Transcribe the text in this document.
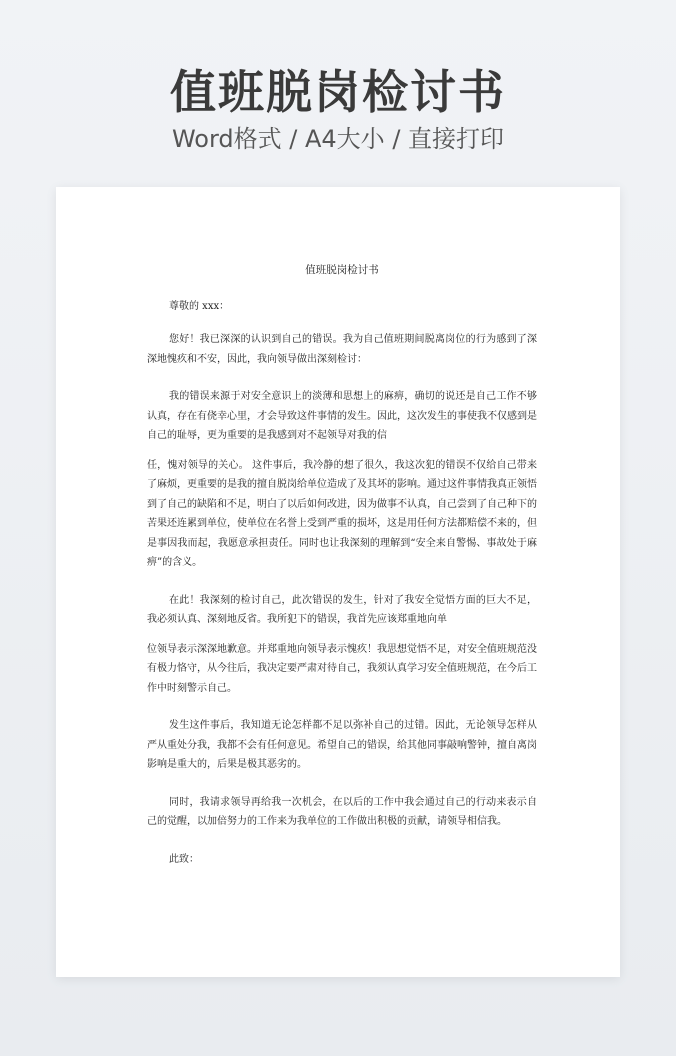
值班脱岗检讨书
Word格式 / A4大小 / 直接打印
值班脱岗检讨书
尊敬的 xxx：

您好！我已深深的认识到自己的错误。我为自己值班期间脱离岗位的行为感到了深深地愧疚和不安，因此，我向领导做出深刻检讨：

我的错误来源于对安全意识上的淡薄和思想上的麻痹，确切的说还是自己工作不够认真，存在有侥幸心里，才会导致这件事情的发生。因此，这次发生的事使我不仅感到是自己的耻辱，更为重要的是我感到对不起领导对我的信

任，愧对领导的关心。 这件事后，我冷静的想了很久，我这次犯的错误不仅给自己带来了麻烦，更重要的是我的擅自脱岗给单位造成了及其坏的影响。通过这件事情我真正领悟到了自己的缺陷和不足，明白了以后如何改进，因为做事不认真，自己尝到了自己种下的苦果还连累到单位，使单位在名誉上受到严重的损坏，这是用任何方法都赔偿不来的，但是事因我而起，我愿意承担责任。同时也让我深刻的理解到“安全来自警惕、事故处于麻痹”的含义。

在此！我深刻的检讨自己，此次错误的发生，针对了我安全觉悟方面的巨大不足，我必须认真、深刻地反省。我所犯下的错误，我首先应该郑重地向单

位领导表示深深地歉意。并郑重地向领导表示愧疚！我思想觉悟不足，对安全值班规范没有极力恪守，从今往后，我决定要严肃对待自己，我须认真学习安全值班规范，在今后工作中时刻警示自己。

发生这件事后，我知道无论怎样都不足以弥补自己的过错。因此，无论领导怎样从严从重处分我，我都不会有任何意见。希望自己的错误，给其他同事敲响警钟，擅自离岗影响是重大的，后果是极其恶劣的。

同时，我请求领导再给我一次机会，在以后的工作中我会通过自己的行动来表示自己的觉醒，以加倍努力的工作来为我单位的工作做出积极的贡献，请领导相信我。

此致：
